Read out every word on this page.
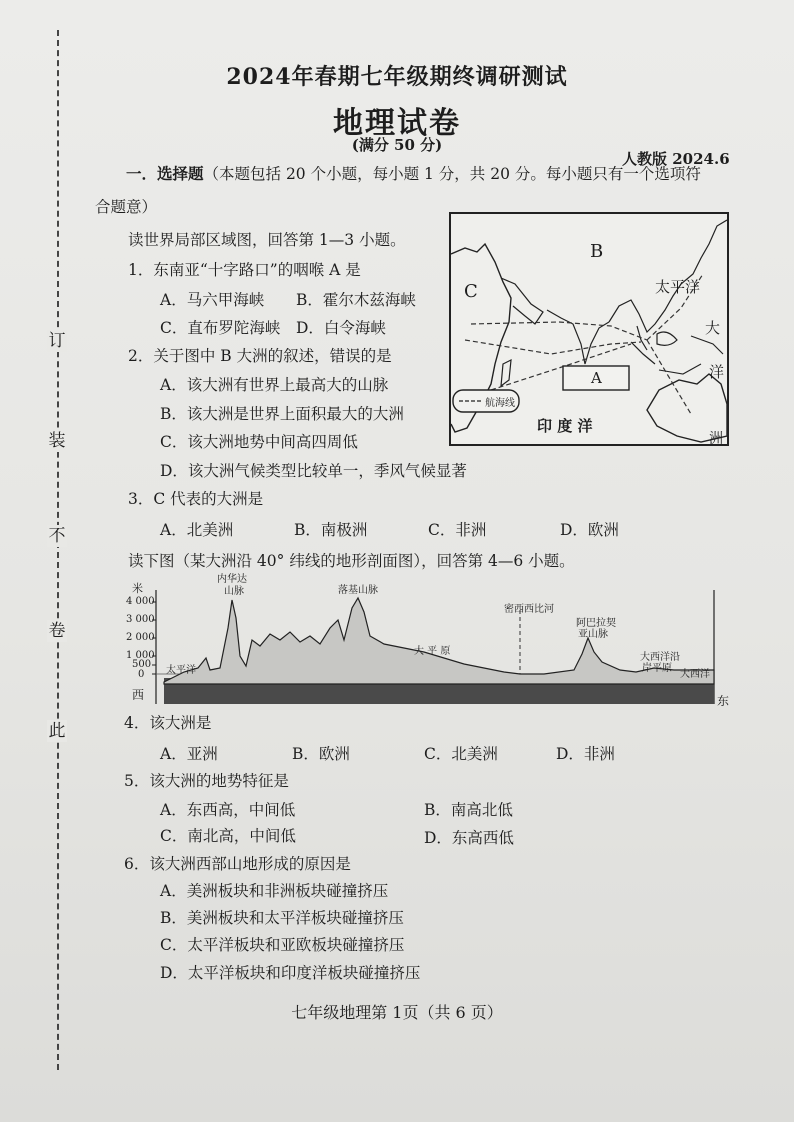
订
装
不
卷
此
2024年春期七年级期终调研测试
地理试卷
(满分 50 分)
人教版 2024.6
一．选择题（本题包括 20 个小题，每小题 1 分，共 20 分。每小题只有一个选项符
合题意）
读世界局部区域图，回答第 1—3 小题。
1．东南亚“十字路口”的咽喉 A 是
A．马六甲海峡 B．霍尔木兹海峡
C．直布罗陀海峡 D．白令海峡
2．关于图中 B 大洲的叙述，错误的是
A．该大洲有世界上最高大的山脉
B．该大洲是世界上面积最大的大洲
C．该大洲地势中间高四周低
D．该大洲气候类型比较单一，季风气候显著
3．C 代表的大洲是
A．北美洲	B．南极洲	C．非洲	D．欧洲
B
C
A
航海线
太平洋
大
洋
洲
印 度 洋
读下图（某大洲沿 40° 纬线的地形剖面图），回答第 4—6 小题。
米
4 000
3 000
2 000
1 000
500
0
西	东
太平洋
内华达
山脉	落基山脉
大 平 原
密西西比河
阿巴拉契
亚山脉
大西洋沿
岸平原
大西洋
4．该大洲是
A．亚洲	B．欧洲	C．北美洲	D．非洲
5．该大洲的地势特征是
A．东西高，中间低	B．南高北低
C．南北高，中间低	D．东高西低
6．该大洲西部山地形成的原因是
A．美洲板块和非洲板块碰撞挤压
B．美洲板块和太平洋板块碰撞挤压
C．太平洋板块和亚欧板块碰撞挤压
D．太平洋板块和印度洋板块碰撞挤压
七年级地理第 1页（共 6 页）
